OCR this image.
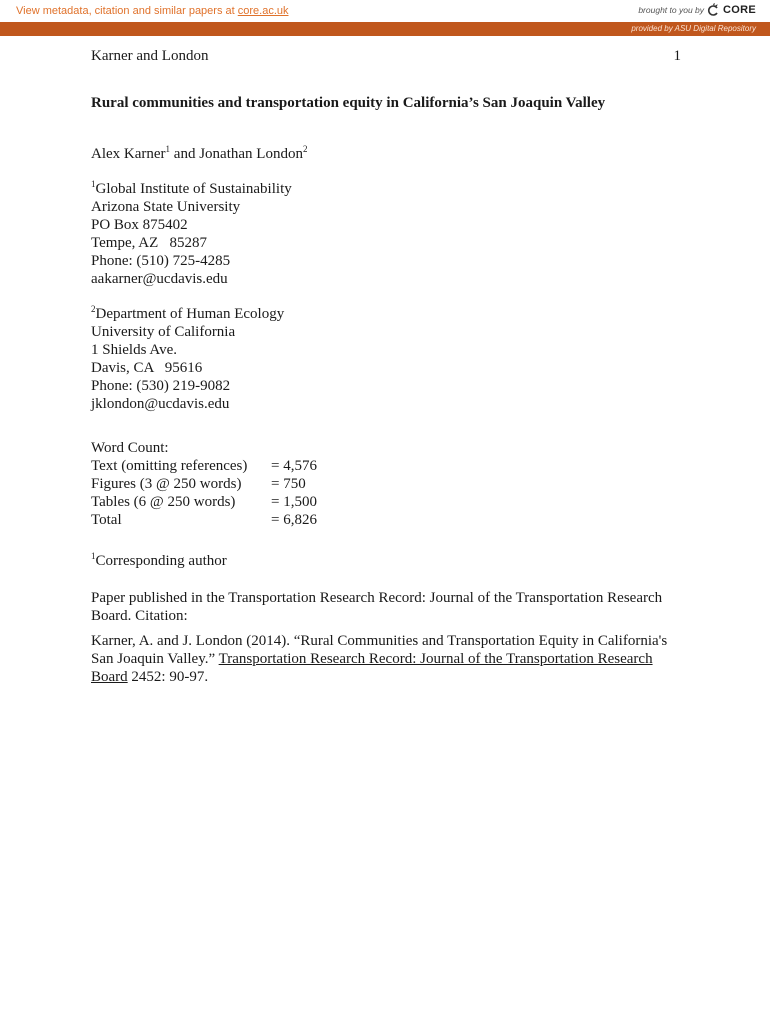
View metadata, citation and similar papers at core.ac.uk	brought to you by CORE
provided by ASU Digital Repository
Karner and London	1
Rural communities and transportation equity in California’s San Joaquin Valley
Alex Karner$^1$ and Jonathan London$^2$
$^1$Global Institute of Sustainability
Arizona State University
PO Box 875402
Tempe, AZ   85287
Phone: (510) 725-4285
aakarner@ucdavis.edu
$^2$Department of Human Ecology
University of California
1 Shields Ave.
Davis, CA   95616
Phone: (530) 219-9082
jklondon@ucdavis.edu
Word Count:
Text (omitting references)	= 4,576
Figures (3 @ 250 words)	= 750
Tables (6 @ 250 words)	= 1,500
Total	= 6,826
$^1$Corresponding author
Paper published in the Transportation Research Record: Journal of the Transportation Research Board. Citation:
Karner, A. and J. London (2014). “Rural Communities and Transportation Equity in California's San Joaquin Valley.” Transportation Research Record: Journal of the Transportation Research Board 2452: 90-97.
